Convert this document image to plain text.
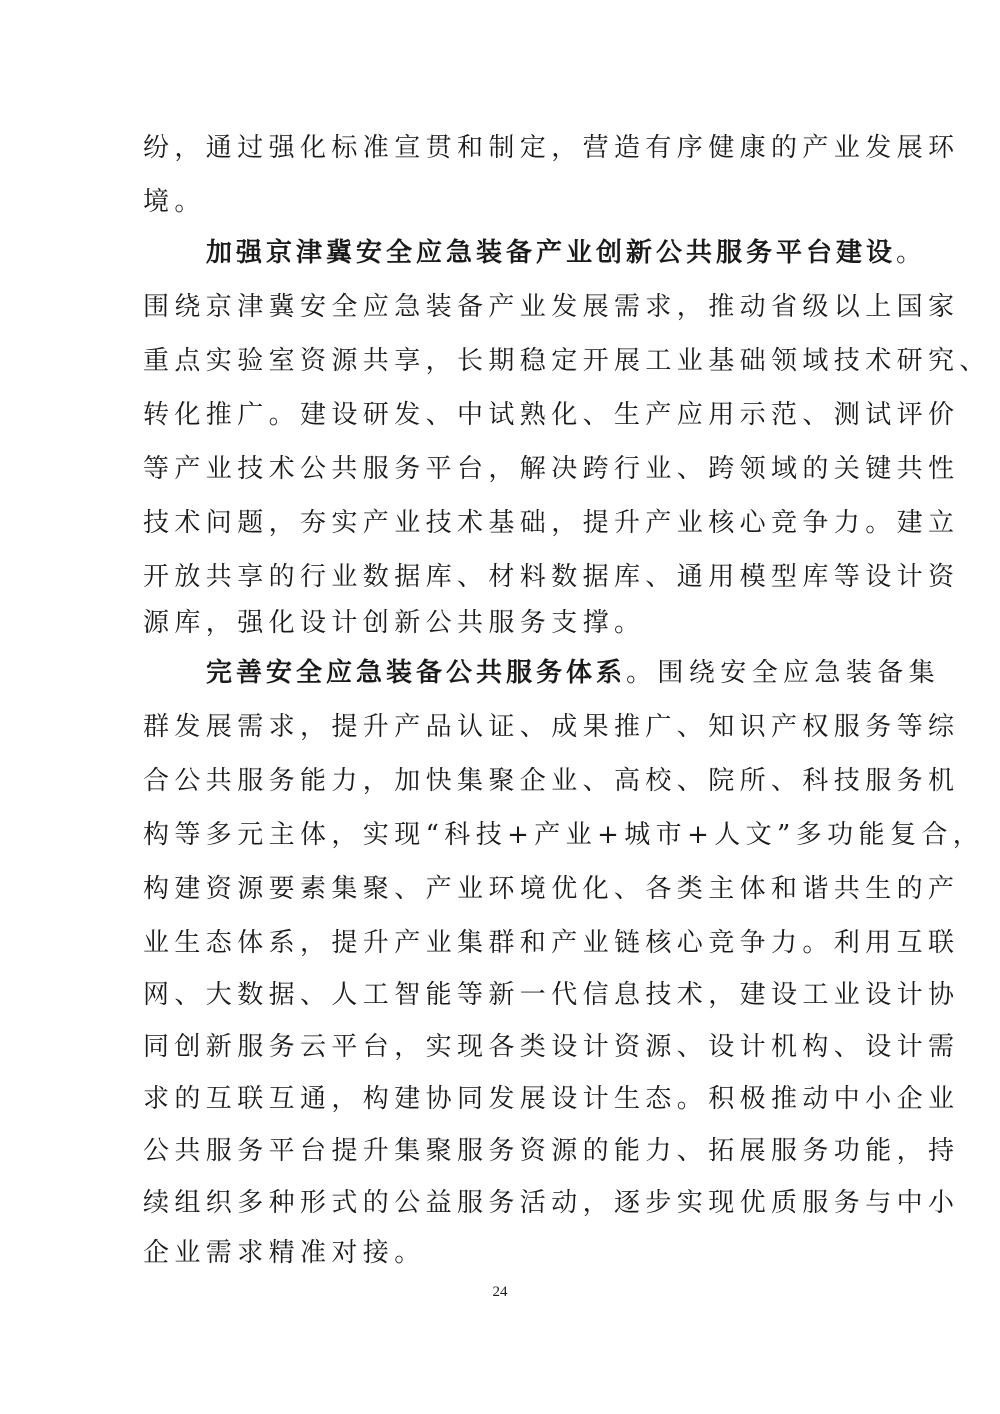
纷，通过强化标准宣贯和制定，营造有序健康的产业发展环
境。
加强京津冀安全应急装备产业创新公共服务平台建设。
围绕京津冀安全应急装备产业发展需求，推动省级以上国家
重点实验室资源共享，长期稳定开展工业基础领域技术研究、
转化推广。建设研发、中试熟化、生产应用示范、测试评价
等产业技术公共服务平台，解决跨行业、跨领域的关键共性
技术问题，夯实产业技术基础，提升产业核心竞争力。建立
开放共享的行业数据库、材料数据库、通用模型库等设计资
源库，强化设计创新公共服务支撑。
完善安全应急装备公共服务体系。围绕安全应急装备集
群发展需求，提升产品认证、成果推广、知识产权服务等综
合公共服务能力，加快集聚企业、高校、院所、科技服务机
构等多元主体，实现“科技+产业+城市+人文”多功能复合，
构建资源要素集聚、产业环境优化、各类主体和谐共生的产
业生态体系，提升产业集群和产业链核心竞争力。利用互联
网、大数据、人工智能等新一代信息技术，建设工业设计协
同创新服务云平台，实现各类设计资源、设计机构、设计需
求的互联互通，构建协同发展设计生态。积极推动中小企业
公共服务平台提升集聚服务资源的能力、拓展服务功能，持
续组织多种形式的公益服务活动，逐步实现优质服务与中小
企业需求精准对接。
24
